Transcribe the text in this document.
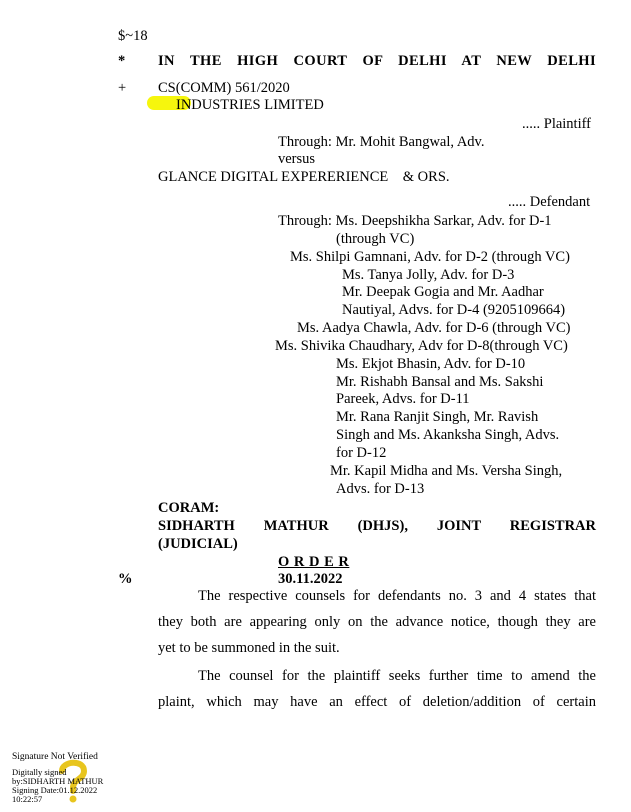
$~18
* IN THE HIGH COURT OF DELHI AT NEW DELHI
+ CS(COMM) 561/2020
INDUSTRIES LIMITED
..... Plaintiff
Through: Mr. Mohit Bangwal, Adv.
versus
GLANCE DIGITAL EXPERERIENCE    & ORS.
..... Defendant
Through: Ms. Deepshikha Sarkar, Adv. for D-1
(through VC)
Ms. Shilpi Gamnani, Adv. for D-2 (through VC)
Ms. Tanya Jolly, Adv. for D-3
Mr. Deepak Gogia and Mr. Aadhar
Nautiyal, Advs. for D-4 (9205109664)
Ms. Aadya Chawla, Adv. for D-6 (through VC)
Ms. Shivika Chaudhary, Adv for D-8(through VC)
Ms. Ekjot Bhasin, Adv. for D-10
Mr. Rishabh Bansal and Ms. Sakshi
Pareek, Advs. for D-11
Mr. Rana Ranjit Singh, Mr. Ravish
Singh and Ms. Akanksha Singh, Advs.
for D-12
Mr. Kapil Midha and Ms. Versha Singh,
Advs. for D-13
CORAM:
SIDHARTH MATHUR (DHJS), JOINT REGISTRAR
(JUDICIAL)
O R D E R
%	30.11.2022
The respective counsels for defendants no. 3 and 4 states that
they both are appearing only on the advance notice, though they are
yet to be summoned in the suit.
The counsel for the plaintiff seeks further time to amend the
plaint, which may have an effect of deletion/addition of certain
Signature Not Verified
Digitally signed
by:SIDHARTH MATHUR
Signing Date:01.12.2022
10:22:57
